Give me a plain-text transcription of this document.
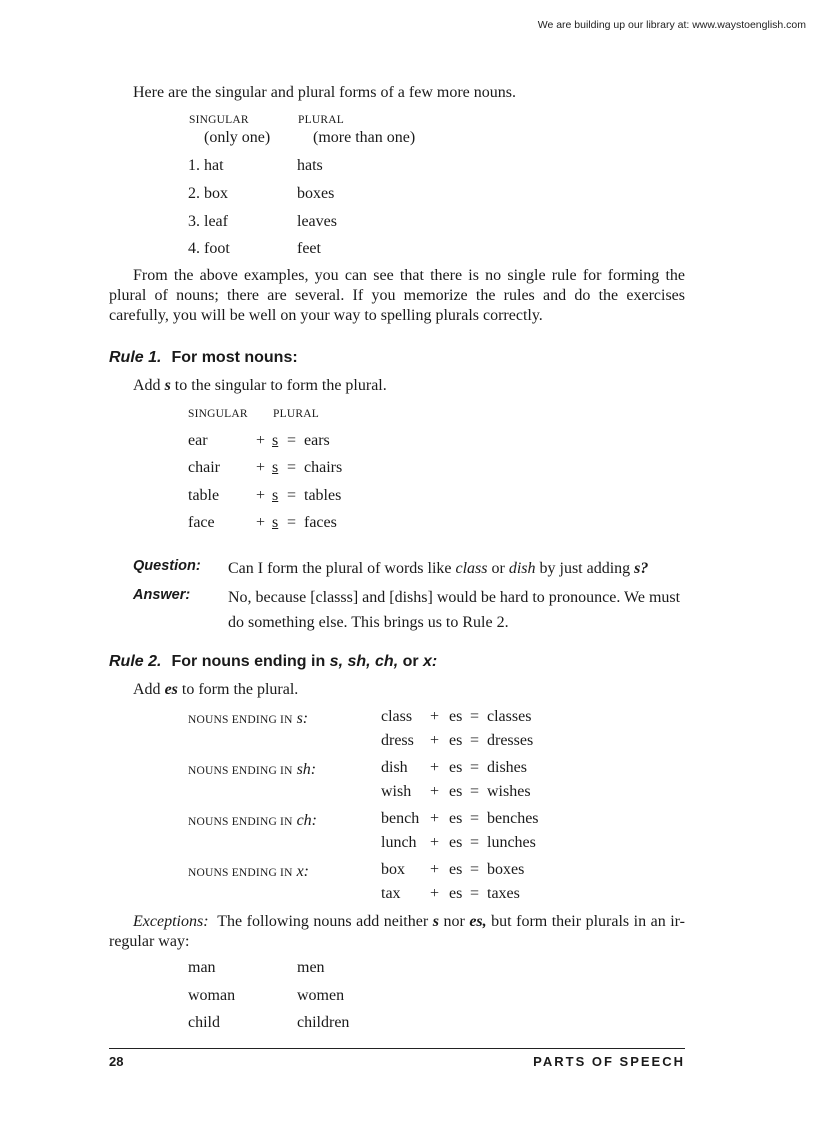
We are building up our library at: www.waystoenglish.com
Here are the singular and plural forms of a few more nouns.
SINGULAR
(only one)
PLURAL
(more than one)
1. hat	hats
2. box	boxes
3. leaf	leaves
4. foot	feet
From the above examples, you can see that there is no single rule for forming the plural of nouns; there are several. If you memorize the rules and do the exercises carefully, you will be well on your way to spelling plurals correctly.
Rule 1. For most nouns:
Add s to the singular to form the plural.
SINGULAR PLURAL
ear	+ s = ears
chair + s = chairs
table + s = tables
face	+ s = faces
Question: Can I form the plural of words like class or dish by just adding s?
Answer: No, because [classs] and [dishs] would be hard to pronounce. We must do something else. This brings us to Rule 2.
Rule 2. For nouns ending in s, sh, ch, or x:
Add es to form the plural.
NOUNS ENDING IN s:	class + es = classes
dress + es = dresses
NOUNS ENDING IN sh:	dish + es = dishes
wish + es = wishes
NOUNS ENDING IN ch:	bench + es = benches
lunch + es = lunches
NOUNS ENDING IN x:	box + es = boxes
tax + es = taxes
Exceptions:  The following nouns add neither s nor es, but form their plurals in an ir-regular way:
man	men
woman	women
child	children
28	PARTS OF SPEECH
